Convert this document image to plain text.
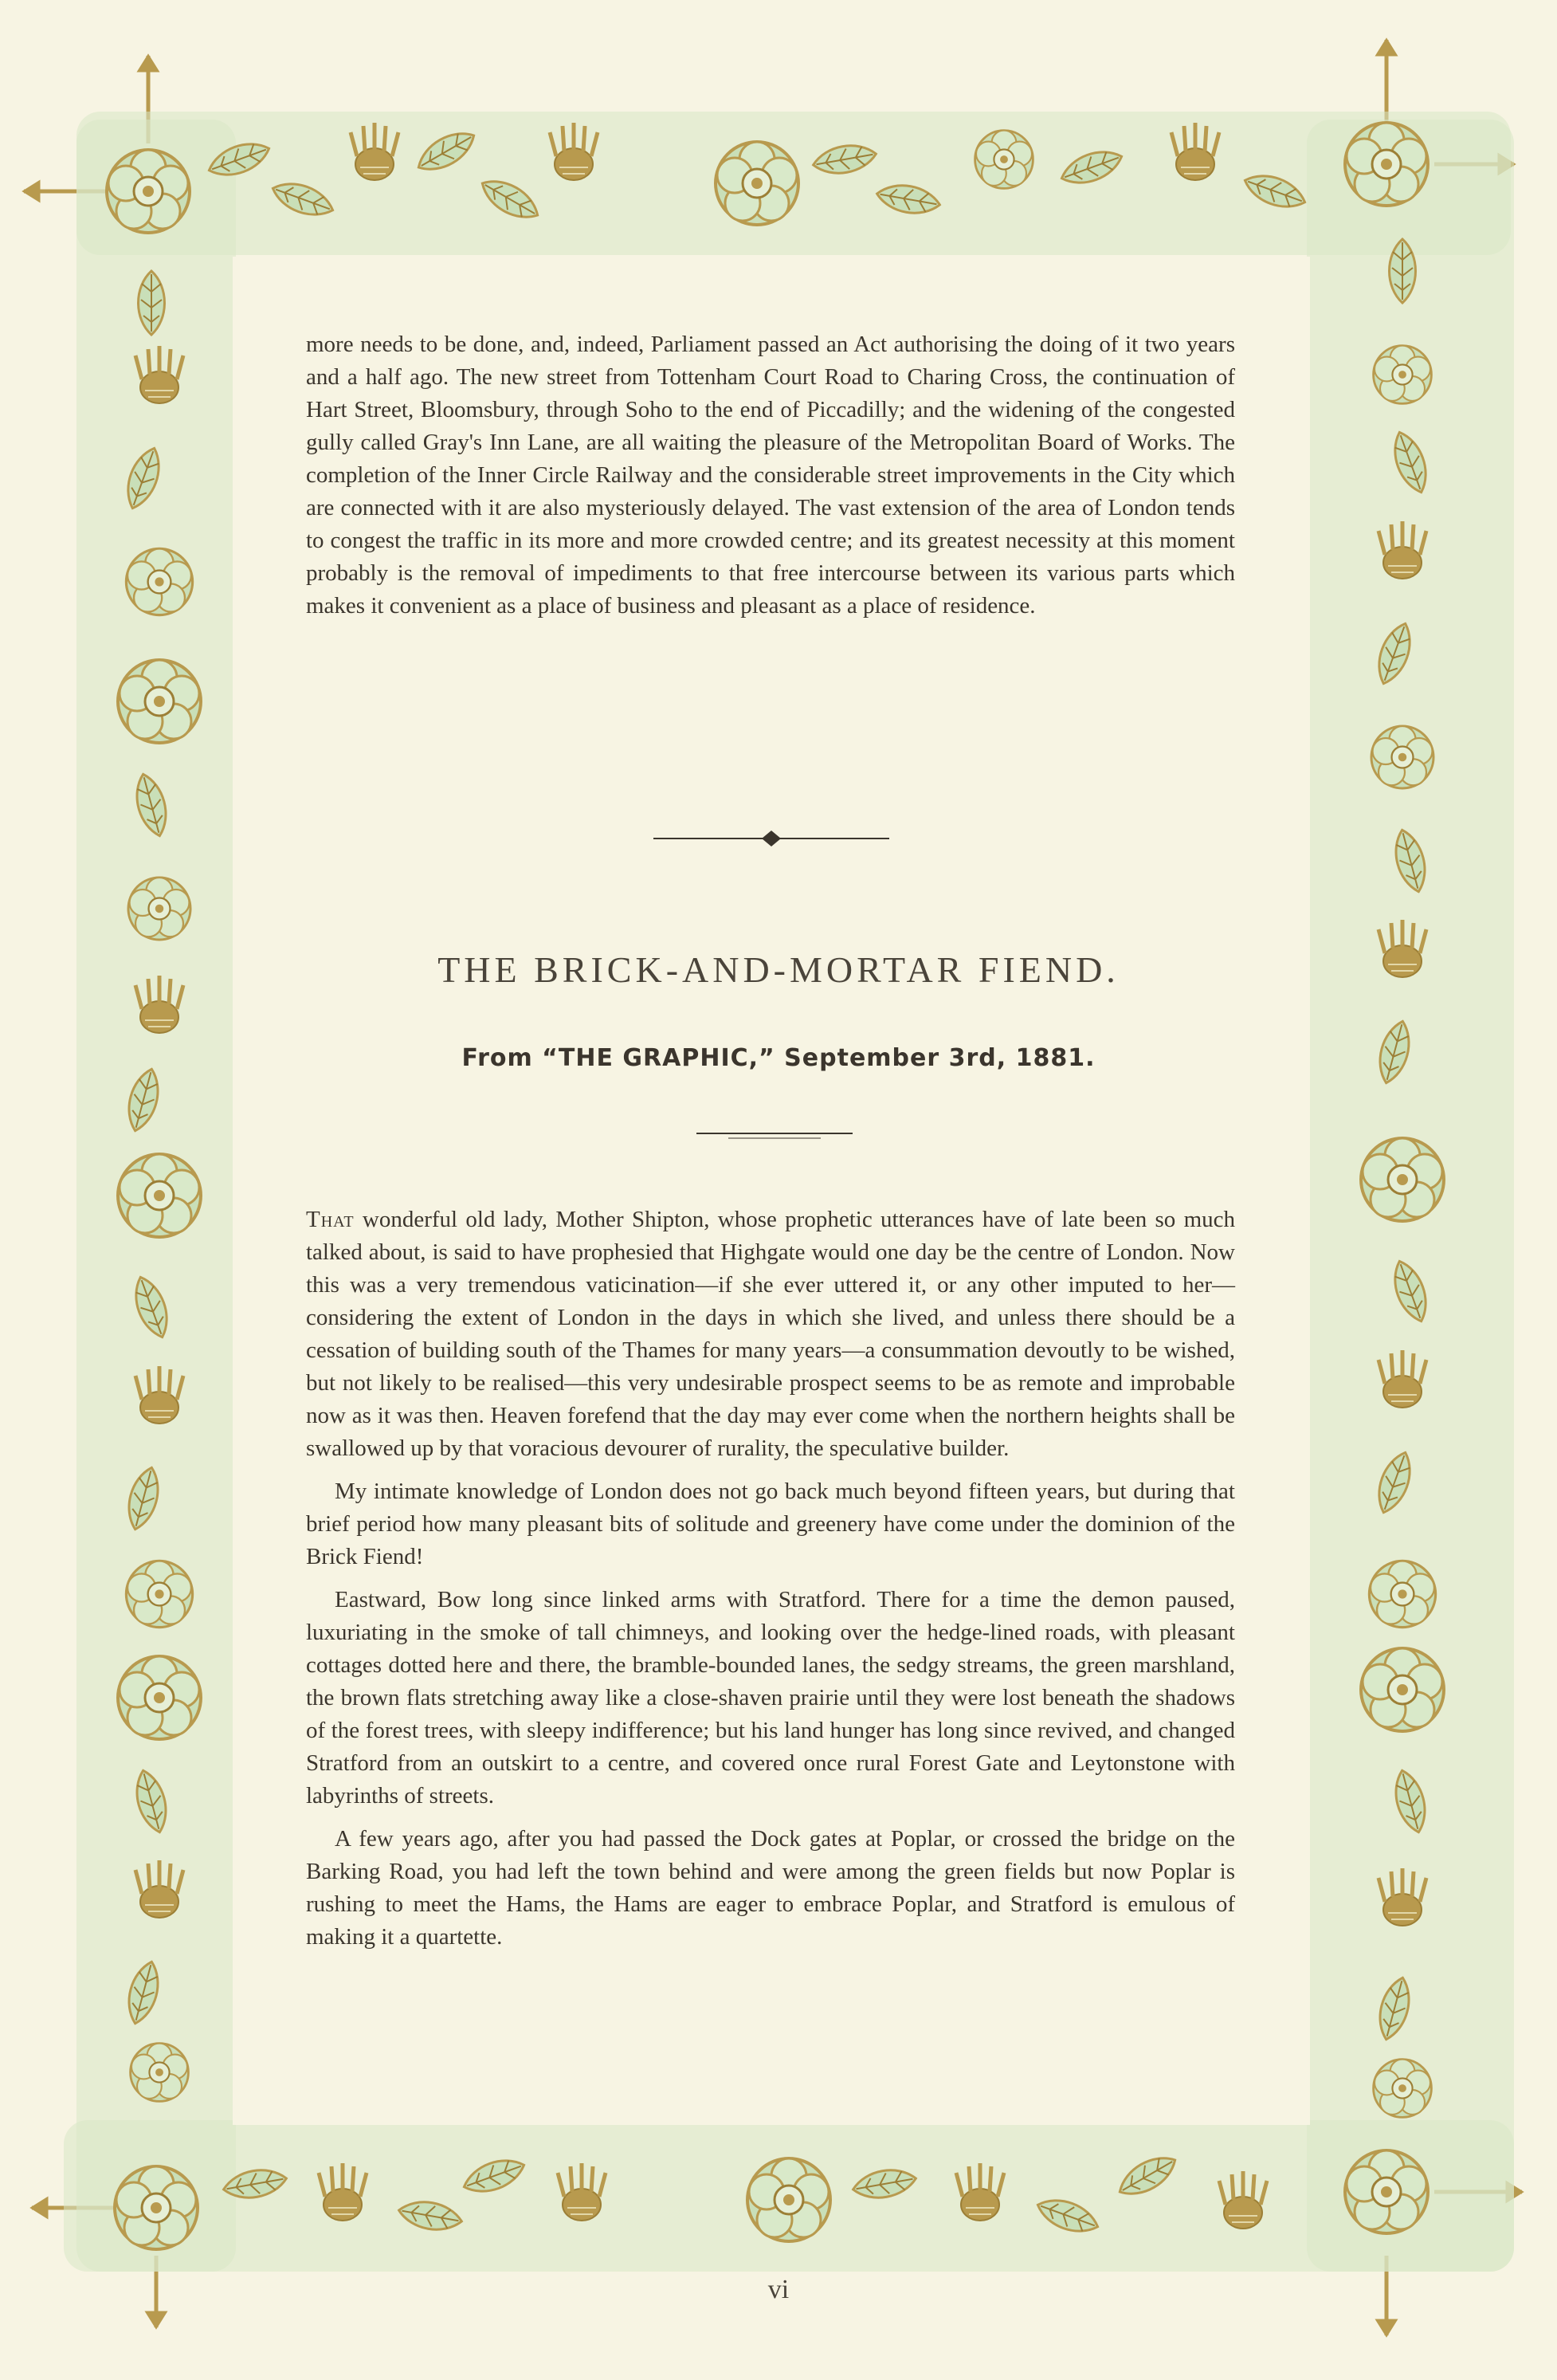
more needs to be done, and, indeed, Parliament passed an Act authorising the doing of it two years and a half ago. The new street from Tottenham Court Road to Charing Cross, the continuation of Hart Street, Bloomsbury, through Soho to the end of Piccadilly; and the widening of the congested gully called Gray's Inn Lane, are all waiting the pleasure of the Metropolitan Board of Works. The completion of the Inner Circle Railway and the considerable street improvements in the City which are connected with it are also mysteriously delayed. The vast extension of the area of London tends to congest the traffic in its more and more crowded centre; and its greatest necessity at this moment probably is the removal of impediments to that free intercourse between its various parts which makes it convenient as a place of business and pleasant as a place of residence.

THE BRICK-AND-MORTAR FIEND.
From “THE GRAPHIC,” September 3rd, 1881.

That wonderful old lady, Mother Shipton, whose prophetic utterances have of late been so much talked about, is said to have prophesied that Highgate would one day be the centre of London. Now this was a very tremendous vaticination—if she ever uttered it, or any other imputed to her—considering the extent of London in the days in which she lived, and unless there should be a cessation of building south of the Thames for many years—a consummation devoutly to be wished, but not likely to be realised—this very undesirable prospect seems to be as remote and improbable now as it was then. Heaven forefend that the day may ever come when the northern heights shall be swallowed up by that voracious devourer of rurality, the speculative builder.

My intimate knowledge of London does not go back much beyond fifteen years, but during that brief period how many pleasant bits of solitude and greenery have come under the dominion of the Brick Fiend!

Eastward, Bow long since linked arms with Stratford. There for a time the demon paused, luxuriating in the smoke of tall chimneys, and looking over the hedge-lined roads, with pleasant cottages dotted here and there, the bramble-bounded lanes, the sedgy streams, the green marshland, the brown flats stretching away like a close-shaven prairie until they were lost beneath the shadows of the forest trees, with sleepy indifference; but his land hunger has long since revived, and changed Stratford from an outskirt to a centre, and covered once rural Forest Gate and Leytonstone with labyrinths of streets.

A few years ago, after you had passed the Dock gates at Poplar, or crossed the bridge on the Barking Road, you had left the town behind and were among the green fields but now Poplar is rushing to meet the Hams, the Hams are eager to embrace Poplar, and Stratford is emulous of making it a quartette.

vi
